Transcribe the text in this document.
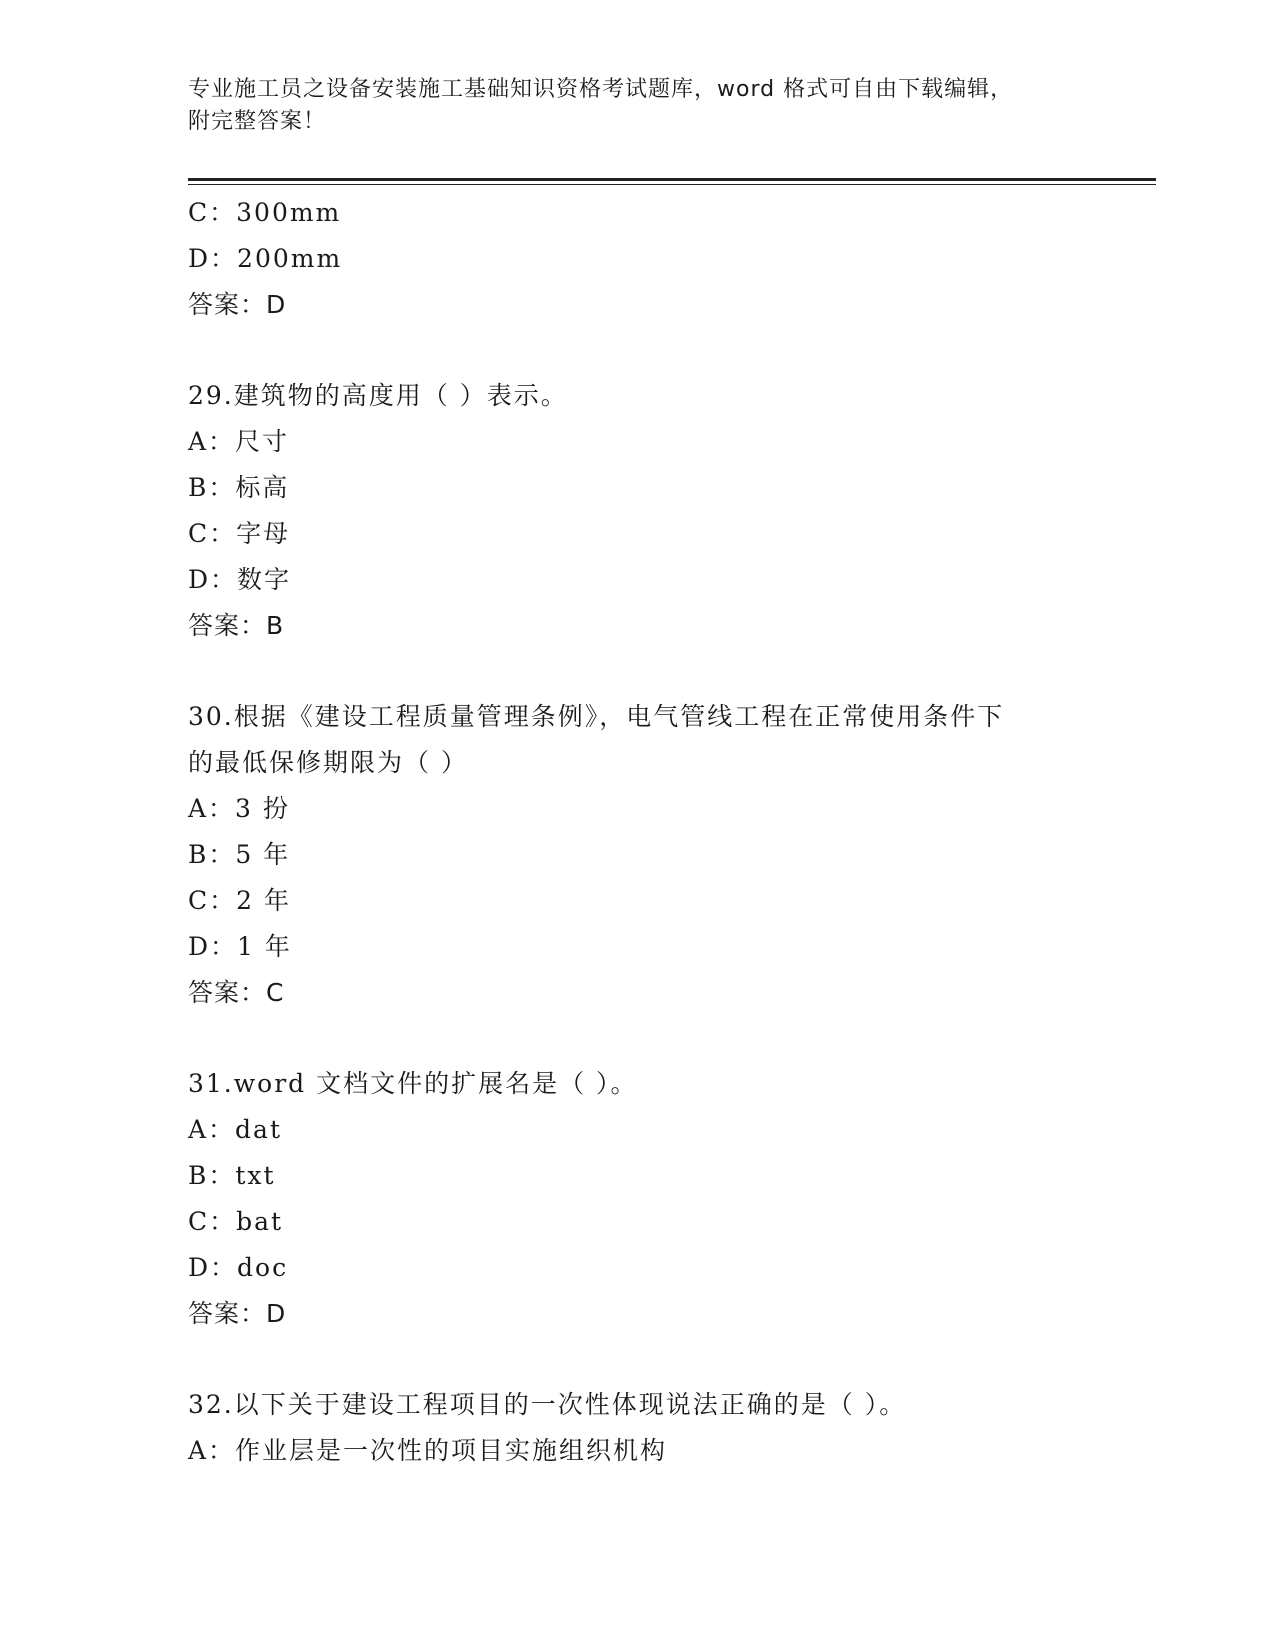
专业施工员之设备安装施工基础知识资格考试题库，word 格式可自由下载编辑，
附完整答案！
C：300mm
D：200mm
答案：D
29.建筑物的高度用（ ）表示。
A：尺寸
B：标高
C：字母
D：数字
答案：B
30.根据《建设工程质量管理条例》，电气管线工程在正常使用条件下
的最低保修期限为（ ）
A：3 扮
B：5 年
C：2 年
D：1 年
答案：C
31.word 文档文件的扩展名是（ ）。
A：dat
B：txt
C：bat
D：doc
答案：D
32.以下关于建设工程项目的一次性体现说法正确的是（ ）。
A：作业层是一次性的项目实施组织机构
